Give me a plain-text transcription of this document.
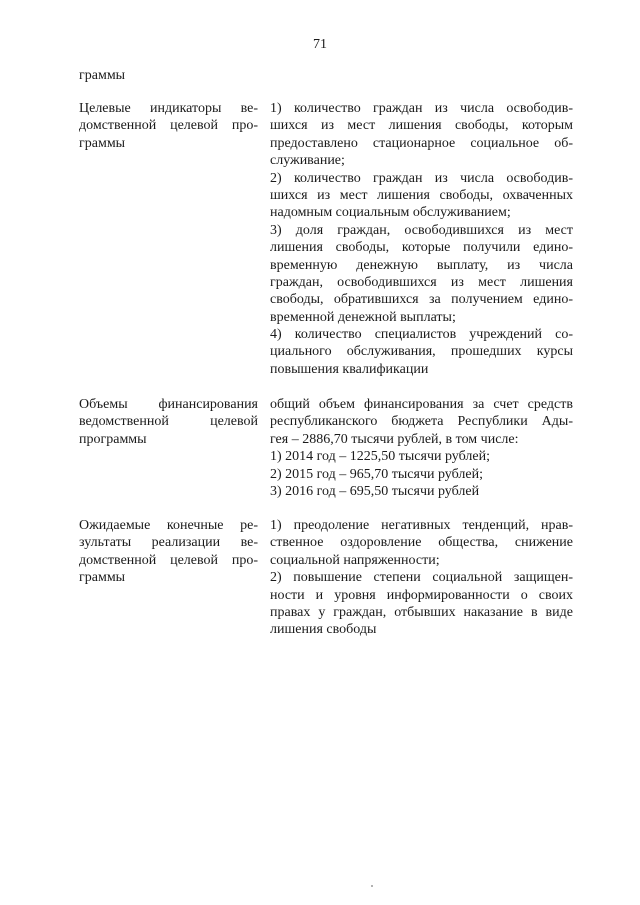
71
граммы
Целевые индикаторы ве-
домственной целевой про-
граммы
1) количество граждан из числа освободив-
шихся из мест лишения свободы, которым
предоставлено стационарное социальное об-
служивание;
2) количество граждан из числа освободив-
шихся из мест лишения свободы, охваченных
надомным социальным обслуживанием;
3) доля граждан, освободившихся из мест
лишения свободы, которые получили едино-
временную денежную выплату, из числа
граждан, освободившихся из мест лишения
свободы, обратившихся за получением едино-
временной денежной выплаты;
4) количество специалистов учреждений со-
циального обслуживания, прошедших курсы
повышения квалификации
Объемы финансирования
ведомственной целевой
программы
общий объем финансирования за счет средств
республиканского бюджета Республики Ады-
гея – 2886,70 тысячи рублей, в том числе:
1) 2014 год – 1225,50 тысячи рублей;
2) 2015 год – 965,70 тысячи рублей;
3) 2016 год – 695,50 тысячи рублей
Ожидаемые конечные ре-
зультаты реализации ве-
домственной целевой про-
граммы
1) преодоление негативных тенденций, нрав-
ственное оздоровление общества, снижение
социальной напряженности;
2) повышение степени социальной защищен-
ности и уровня информированности о своих
правах у граждан, отбывших наказание в виде
лишения свободы
